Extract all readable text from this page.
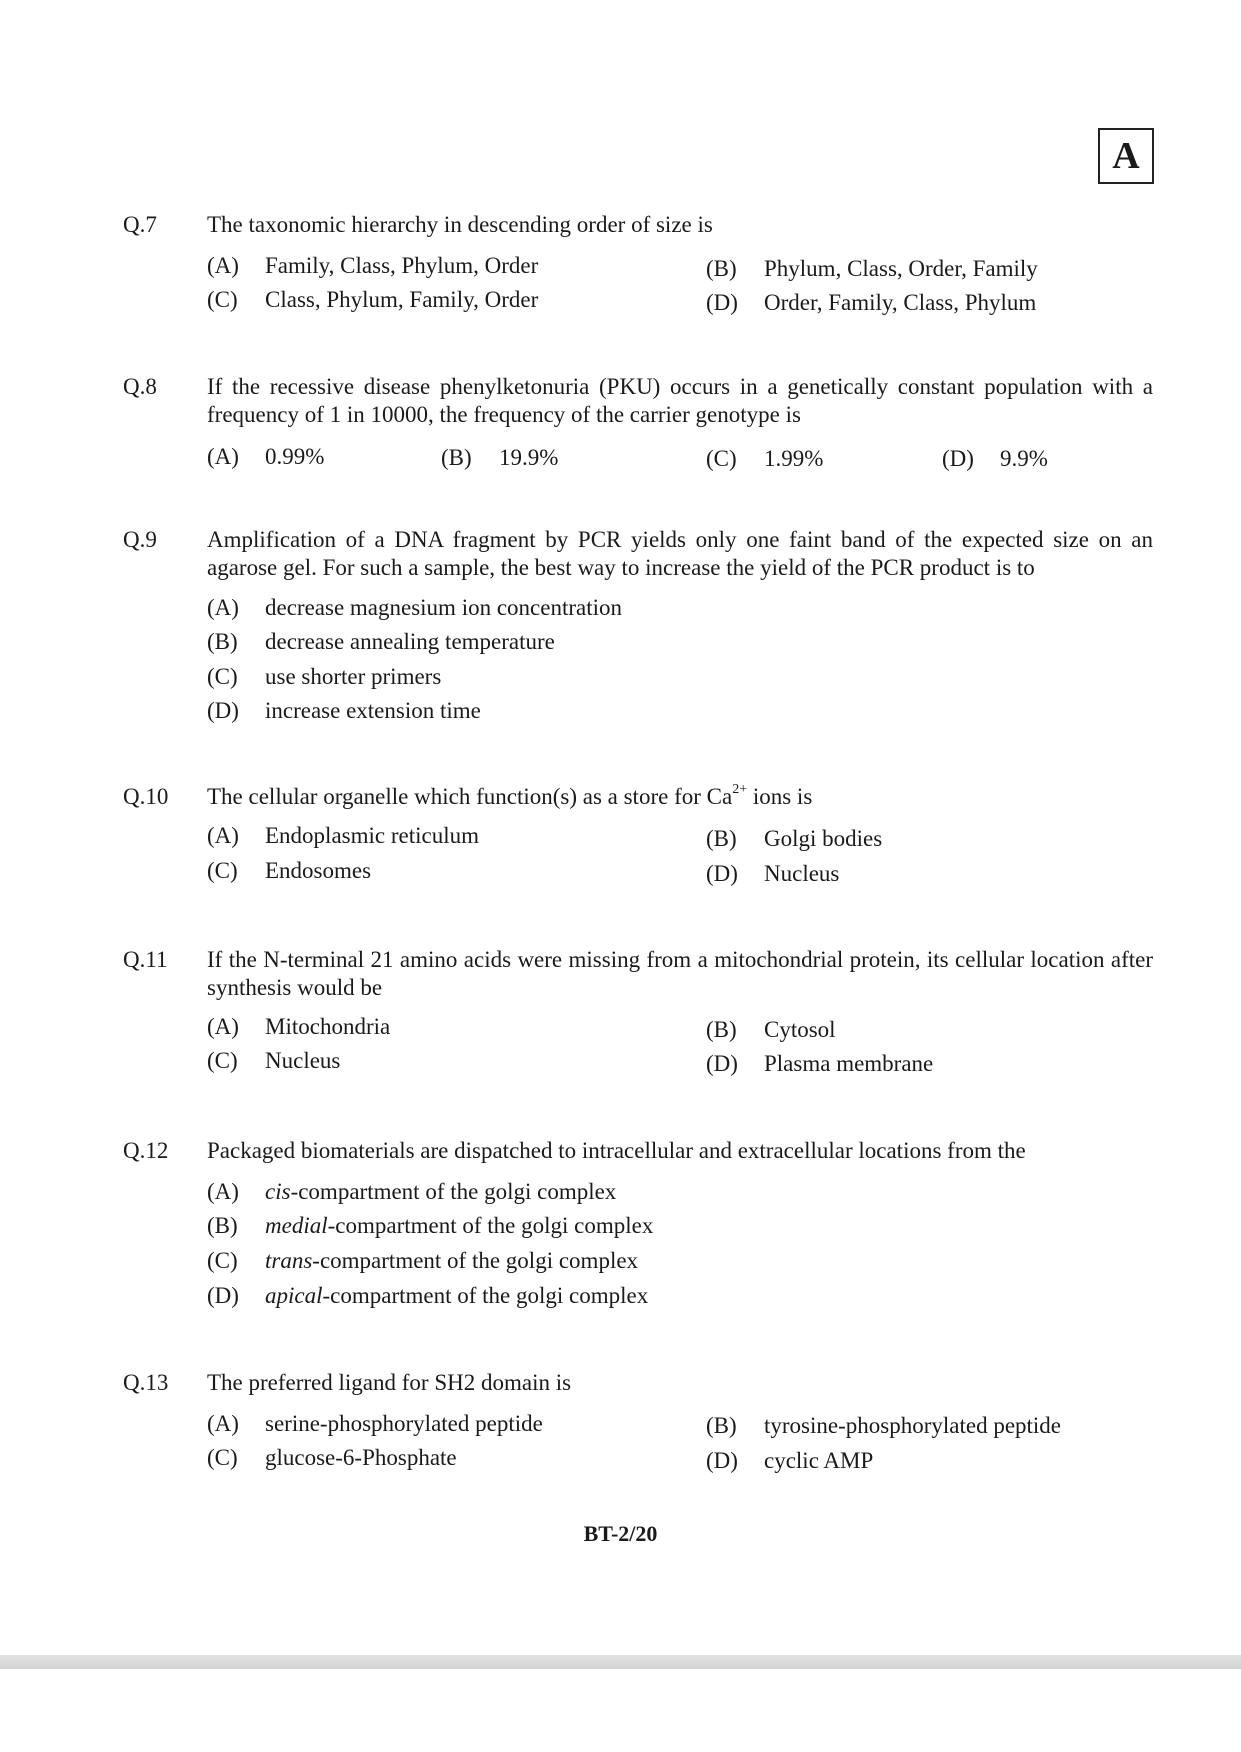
A
Q.7 The taxonomic hierarchy in descending order of size is
(A) Family, Class, Phylum, Order	(B) Phylum, Class, Order, Family
(C) Class, Phylum, Family, Order	(D) Order, Family, Class, Phylum
Q.8 If the recessive disease phenylketonuria (PKU) occurs in a genetically constant population with a frequency of 1 in 10000, the frequency of the carrier genotype is
(A) 0.99%	(B) 19.9%	(C) 1.99%	(D) 9.9%
Q.9 Amplification of a DNA fragment by PCR yields only one faint band of the expected size on an agarose gel. For such a sample, the best way to increase the yield of the PCR product is to
(A) decrease magnesium ion concentration
(B) decrease annealing temperature
(C) use shorter primers
(D) increase extension time
Q.10 The cellular organelle which function(s) as a store for $Ca^{2+}$ ions is
(A) Endoplasmic reticulum	(B) Golgi bodies
(C) Endosomes	(D) Nucleus
Q.11 If the N-terminal 21 amino acids were missing from a mitochondrial protein, its cellular location after synthesis would be
(A) Mitochondria	(B) Cytosol
(C) Nucleus	(D) Plasma membrane
Q.12 Packaged biomaterials are dispatched to intracellular and extracellular locations from the
(A) cis-compartment of the golgi complex
(B) medial-compartment of the golgi complex
(C) trans-compartment of the golgi complex
(D) apical-compartment of the golgi complex
Q.13 The preferred ligand for SH2 domain is
(A) serine-phosphorylated peptide	(B) tyrosine-phosphorylated peptide
(C) glucose-6-Phosphate	(D) cyclic AMP
BT-2/20
